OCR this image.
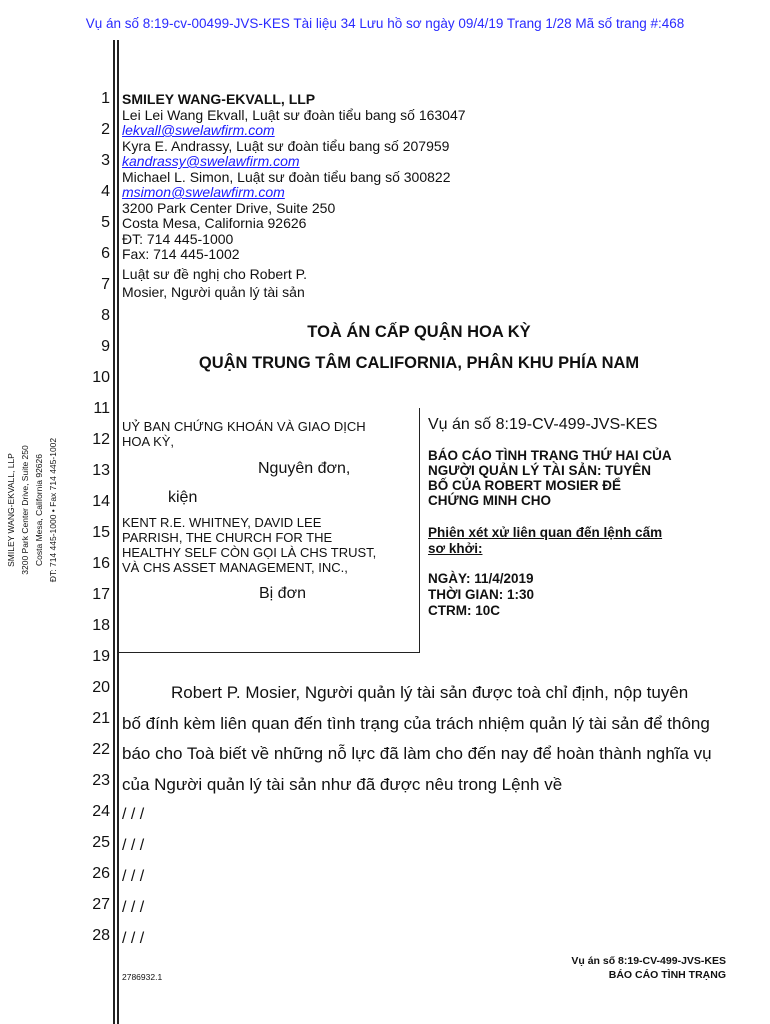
Vụ án số 8:19-cv-00499-JVS-KES Tài liệu 34 Lưu hồ sơ ngày 09/4/19 Trang 1/28 Mã số trang #:468
SMILEY WANG-EKVALL, LLP 3200 Park Center Drive, Suite 250 Costa Mesa, California 92626 ĐT: 714 445-1000 • Fax 714 445-1002
1
2
3
4
5
6
7
8
9
10
11
12
13
14
15
16
17
18
19
20
21
22
23
24
25
26
27
28
SMILEY WANG-EKVALL, LLP
Lei Lei Wang Ekvall, Luật sư đoàn tiểu bang số 163047
lekvall@swelawfirm.com
Kyra E. Andrassy, Luật sư đoàn tiểu bang số 207959
kandrassy@swelawfirm.com
Michael L. Simon, Luật sư đoàn tiểu bang số 300822
msimon@swelawfirm.com
3200 Park Center Drive, Suite 250
Costa Mesa, California 92626
ĐT: 714 445-1000
Fax: 714 445-1002
Luật sư đề nghị cho Robert P.
Mosier, Người quản lý tài sản
TOÀ ÁN CẤP QUẬN HOA KỲ
QUẬN TRUNG TÂM CALIFORNIA, PHÂN KHU PHÍA NAM
UỶ BAN CHỨNG KHOÁN VÀ GIAO DỊCH
HOA KỲ,
Nguyên đơn,
kiện
KENT R.E. WHITNEY, DAVID LEE
PARRISH, THE CHURCH FOR THE
HEALTHY SELF CÒN GỌI LÀ CHS TRUST,
VÀ CHS ASSET MANAGEMENT, INC.,
Bị đơn
Vụ án số 8:19-CV-499-JVS-KES
BÁO CÁO TÌNH TRẠNG THỨ HAI CỦA
NGƯỜI QUẢN LÝ TÀI SẢN: TUYÊN
BỐ CỦA ROBERT MOSIER ĐỂ
CHỨNG MINH CHO
Phiên xét xử liên quan đến lệnh cấm
sơ khởi:
NGÀY: 11/4/2019
THỜI GIAN: 1:30
CTRM: 10C
Robert P. Mosier, Người quản lý tài sản được toà chỉ định, nộp tuyên
bố đính kèm liên quan đến tình trạng của trách nhiệm quản lý tài sản để thông
báo cho Toà biết về những nỗ lực đã làm cho đến nay để hoàn thành nghĩa vụ
của Người quản lý tài sản như đã được nêu trong Lệnh về
/ / /
/ / /
/ / /
/ / /
/ / /
2786932.1
Vụ án số 8:19-CV-499-JVS-KES
BÁO CÁO TÌNH TRẠNG
